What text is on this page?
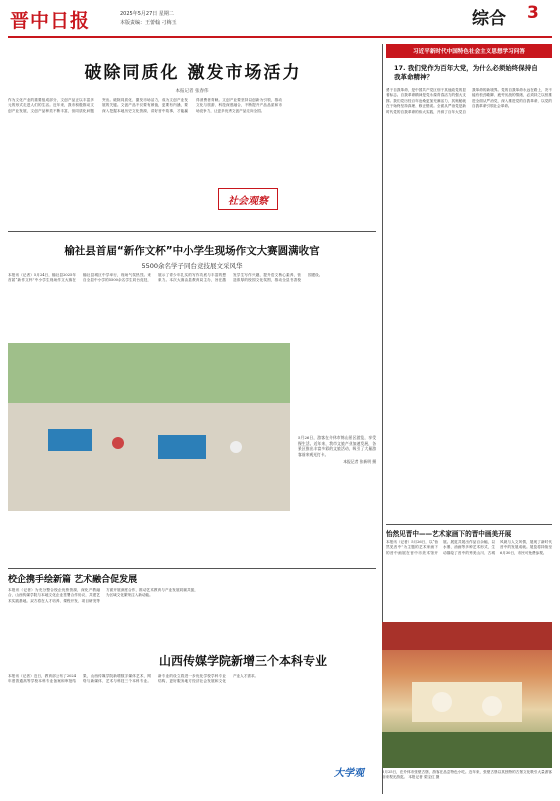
晋中日报	2025年5月27日 星期二
本版责编：王蕾翰 刁梅玉	综合 3
破除同质化 激发市场活力
本报记者 张春伟
作为文化产业的重要组成部分，文创产品正以丰富多元的形式走进人们的生活。近年来，我市积极推动文创产业发展，文创产品种类不断丰富，但同质化问题突出。破除同质化、激发市场活力，成为文创产业发展的关键。文创产品不仅要有颜值，更要有内涵，要深入挖掘本地历史文化资源，讲好晋中故事，才能赢得消费者青睐。文创产业要坚持以创新为引领，推动文化与旅游、科技深度融合，不断提升产品品质和市场竞争力，让更多优秀文创产品走向全国。
社会观察
榆社县首届“新作文杯”中小学生现场作文大赛圆满收官
5500余名学子同台竞技展文采风华
本报讯（记者）5月24日，榆社县2025年首届“新作文杯”中小学生现场作文大赛在榆社县城区中学举行，现场气氛热烈。来自全县中小学的5500余名学生同台竞技，展示了青少年扎实的写作功底与丰富的想象力。本次大赛由县教育局主办，旨在激发学生写作兴趣，提升语文核心素养，营造浓厚的校园文化氛围，推动全县书香校园建设。
5月26日，游客在介休市绵山景区游览，享受慢生活。近年来，我市文旅产业加速发展，各景区推出丰富多彩的文旅活动，吸引了大量游客前来观光打卡。
本报记者 张新明 摄
校企携手绘新篇 艺术融合促发展
本报讯（记者）为充分整合校企优势资源，深化产教融合，山西传媒学院与本地文化企业签署合作协议，共建艺术实践基地。双方将在人才培养、课程开发、项目研发等方面开展深度合作，推动艺术教育与产业发展同频共振，为区域文化繁荣注入新动能。
山西传媒学院新增三个本科专业
本报讯（记者）近日，教育部公布了2024年度普通高等学校本科专业备案和审批结果，山西传媒学院新增数字媒体艺术、网络与新媒体、艺术与科技三个本科专业。新专业的设立将进一步优化学校学科专业结构，更好服务地方经济社会发展和文化产业人才需求。
大学观
习近平新时代中国特色社会主义思想学习问答
17. 我们党作为百年大党，为什么必须始终保持自我革命精神？
勇于自我革命，是中国共产党区别于其他政党的显著标志。自我革命精神是党永葆青春活力的强大支撑。我们党历经百年沧桑更加充满活力，其奥秘就在于始终坚持真理、修正错误。全面从严治党是新时代党的自我革命的伟大实践，开辟了百年大党自我革命的新境界。党的自我革命永远在路上，决不能有松劲歇脚、疲劳厌战的情绪，必须持之以恒推进全面从严治党，深入推进党的自我革命，以党的自我革命引领社会革命。
怡然见晋中——艺术家画下的晋中画美开展
本报讯（记者）5月26日，以“怡然见晋中”为主题的艺术家画下的晋中画展在晋中市美术馆开展。展览共展出作品百余幅，以水墨、油画等多种艺术形式，生动描绘了晋中的秀美山川、古城风貌与人文风情，展现了新时代晋中的发展成就。展览将持续至6月30日，市民可免费参观。
5月25日，在介休市张壁古堡，游客在品尝特色小吃。近年来，张壁古堡以其独特的古堡文化吸引大量游客前来观光游览。 本报记者 梁宝红 摄
